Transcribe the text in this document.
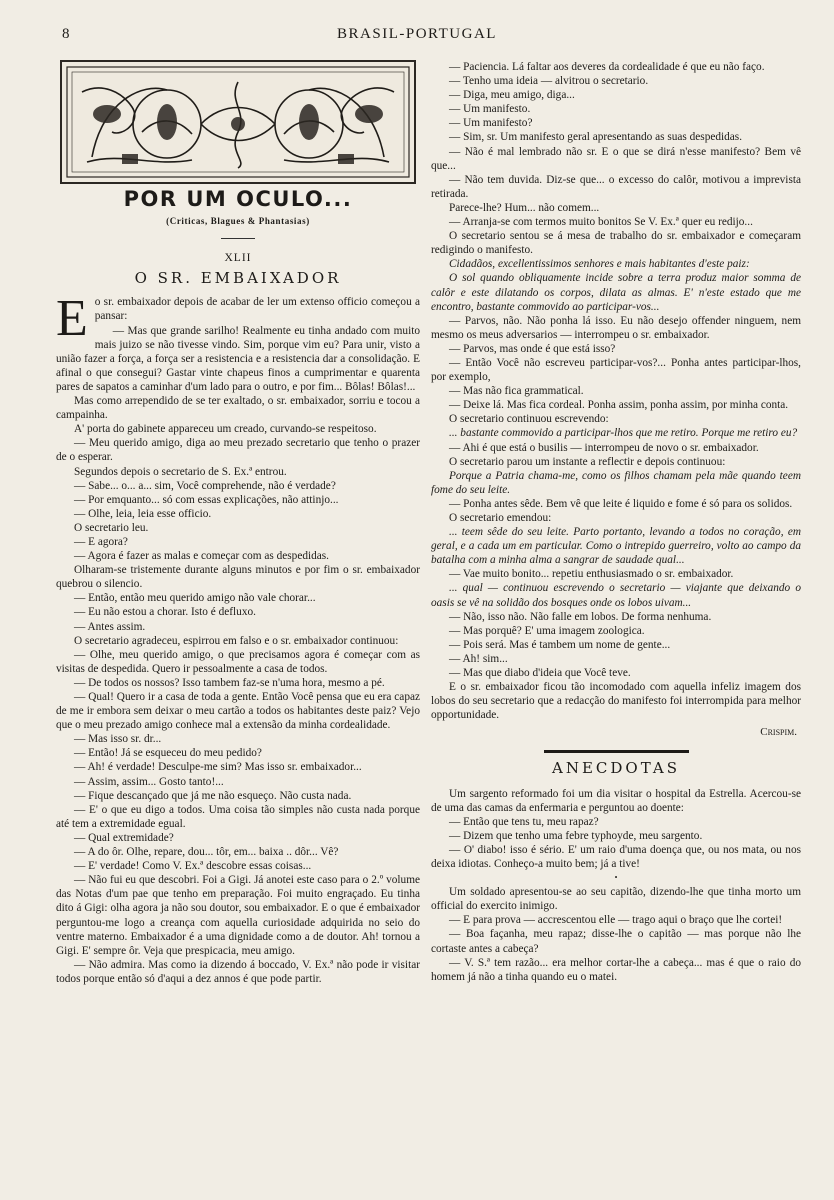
8	BRASIL-PORTUGAL
POR UM OCULO...
(Criticas, Blagues & Phantasias)
XLII
O SR. EMBAIXADOR

Eo sr. embaixador depois de acabar de ler um extenso officio começou a pansar:

— Mas que grande sarilho! Realmente eu tinha andado com muito mais juizo se não tivesse vindo. Sim, porque vim eu? Para unir, visto a união fazer a força, a força ser a resistencia e a resistencia dar a consolidação. E afinal o que consegui? Gastar vinte chapeus finos a cumprimentar e quarenta pares de sapatos a caminhar d'um lado para o outro, e por fim... Bôlas! Bôlas!...

Mas como arrependido de se ter exaltado, o sr. embaixador, sorriu e tocou a campainha.

A' porta do gabinete appareceu um creado, curvando-se respeitoso.

— Meu querido amigo, diga ao meu prezado secretario que tenho o prazer de o esperar.

Segundos depois o secretario de S. Ex.ª entrou.

— Sabe... o... a... sim, Você comprehende, não é verdade?

— Por emquanto... só com essas explicações, não attinjo...

— Olhe, leia, leia esse officio.

O secretario leu.

— E agora?

— Agora é fazer as malas e começar com as despedidas.

Olharam-se tristemente durante alguns minutos e por fim o sr. embaixador quebrou o silencio.

— Então, então meu querido amigo não vale chorar...

— Eu não estou a chorar. Isto é defluxo.

— Antes assim.

O secretario agradeceu, espirrou em falso e o sr. embaixador continuou:

— Olhe, meu querido amigo, o que precisamos agora é começar com as visitas de despedida. Quero ir pessoalmente a casa de todos.

— De todos os nossos? Isso tambem faz-se n'uma hora, mesmo a pé.

— Qual! Quero ir a casa de toda a gente. Então Você pensa que eu era capaz de me ir embora sem deixar o meu cartão a todos os habitantes deste paiz? Vejo que o meu prezado amigo conhece mal a extensão da minha cordealidade.

— Mas isso sr. dr...

— Então! Já se esqueceu do meu pedido?

— Ah! é verdade! Desculpe-me sim? Mas isso sr. embaixador...

— Assim, assim... Gosto tanto!...

— Fique descançado que já me não esqueço. Não custa nada.

— E' o que eu digo a todos. Uma coisa tão simples não custa nada porque até tem a extremidade egual.

— Qual extremidade?

— A do ôr. Olhe, repare, dou... tôr, em... baixa .. dôr... Vê?

— E' verdade! Como V. Ex.ª descobre essas coisas...

— Não fui eu que descobri. Foi a Gigi. Já anotei este caso para o 2.º volume das Notas d'um pae que tenho em preparação. Foi muito engraçado. Eu tinha dito á Gigi: olha agora ja não sou doutor, sou embaixador. E o que é embaixador perguntou-me logo a creança com aquella curiosidade adquirida no seio do ventre materno. Embaixador é a uma dignidade como a de doutor. Ah! tornou a Gigi. E' sempre ôr. Veja que prespicacia, meu amigo.

— Não admira. Mas como ia dizendo á boccado, V. Ex.ª não pode ir visitar todos porque então só d'aqui a dez annos é que pode partir.

— Paciencia. Lá faltar aos deveres da cordealidade é que eu não faço.

— Tenho uma ideia — alvitrou o secretario.

— Diga, meu amigo, diga...

— Um manifesto.

— Um manifesto?

— Sim, sr. Um manifesto geral apresentando as suas despedidas.

— Não é mal lembrado não sr. E o que se dirá n'esse manifesto? Bem vê que...

— Não tem duvida. Diz-se que... o excesso do calôr, motivou a imprevista retirada.

Parece-lhe? Hum... não comem...

— Arranja-se com termos muito bonitos Se V. Ex.ª quer eu redijo...

O secretario sentou se á mesa de trabalho do sr. embaixador e começaram redigindo o manifesto.

Cidadãos, excellentissimos senhores e mais habitantes d'este paiz:

O sol quando obliquamente incide sobre a terra produz maior somma de calôr e este dilatando os corpos, dilata as almas. E' n'este estado que me encontro, bastante commovido ao participar-vos...

— Parvos, não. Não ponha lá isso. Eu não desejo offender ninguem, nem mesmo os meus adversarios — interrompeu o sr. embaixador.

— Parvos, mas onde é que está isso?

— Então Você não escreveu participar-vos?... Ponha antes participar-lhos, por exemplo,

— Mas não fica grammatical.

— Deixe lá. Mas fica cordeal. Ponha assim, ponha assim, por minha conta.

O secretario continuou escrevendo:

... bastante commovido a participar-lhos que me retiro. Porque me retiro eu?

— Ahi é que está o busilis — interrompeu de novo o sr. embaixador.

O secretario parou um instante a reflectir e depois continuou:

Porque a Patria chama-me, como os filhos chamam pela mãe quando teem fome do seu leite.

— Ponha antes sêde. Bem vê que leite é liquido e fome é só para os solidos.

O secretario emendou:

... teem sêde do seu leite. Parto portanto, levando a todos no coração, em geral, e a cada um em particular. Como o intrepido guerreiro, volto ao campo da batalha com a minha alma a sangrar de saudade qual...

— Vae muito bonito... repetiu enthusiasmado o sr. embaixador.

... qual — continuou escrevendo o secretario — viajante que deixando o oasis se vê na solidão dos bosques onde os lobos uivam...

— Não, isso não. Não falle em lobos. De forma nenhuma.

— Mas porquê? E' uma imagem zoologica.

— Pois será. Mas é tambem um nome de gente...

— Ah! sim...

— Mas que diabo d'ideia que Você teve.

E o sr. embaixador ficou tão incomodado com aquella infeliz imagem dos lobos do seu secretario que a redacção do manifesto foi interrompida para melhor opportunidade.

Crispim.
ANECDOTAS

Um sargento reformado foi um dia visitar o hospital da Estrella. Acercou-se de uma das camas da enfermaria e perguntou ao doente:

— Então que tens tu, meu rapaz?

— Dizem que tenho uma febre typhoyde, meu sargento.

— O' diabo! isso é sério. E' um raio d'uma doença que, ou nos mata, ou nos deixa idiotas. Conheço-a muito bem; já a tive!

•

Um soldado apresentou-se ao seu capitão, dizendo-lhe que tinha morto um official do exercito inimigo.

— E para prova — accrescentou elle — trago aqui o braço que lhe cortei!

— Boa façanha, meu rapaz; disse-lhe o capitão — mas porque não lhe cortaste antes a cabeça?

— V. S.ª tem razão... era melhor cortar-lhe a cabeça... mas é que o raio do homem já não a tinha quando eu o matei.
